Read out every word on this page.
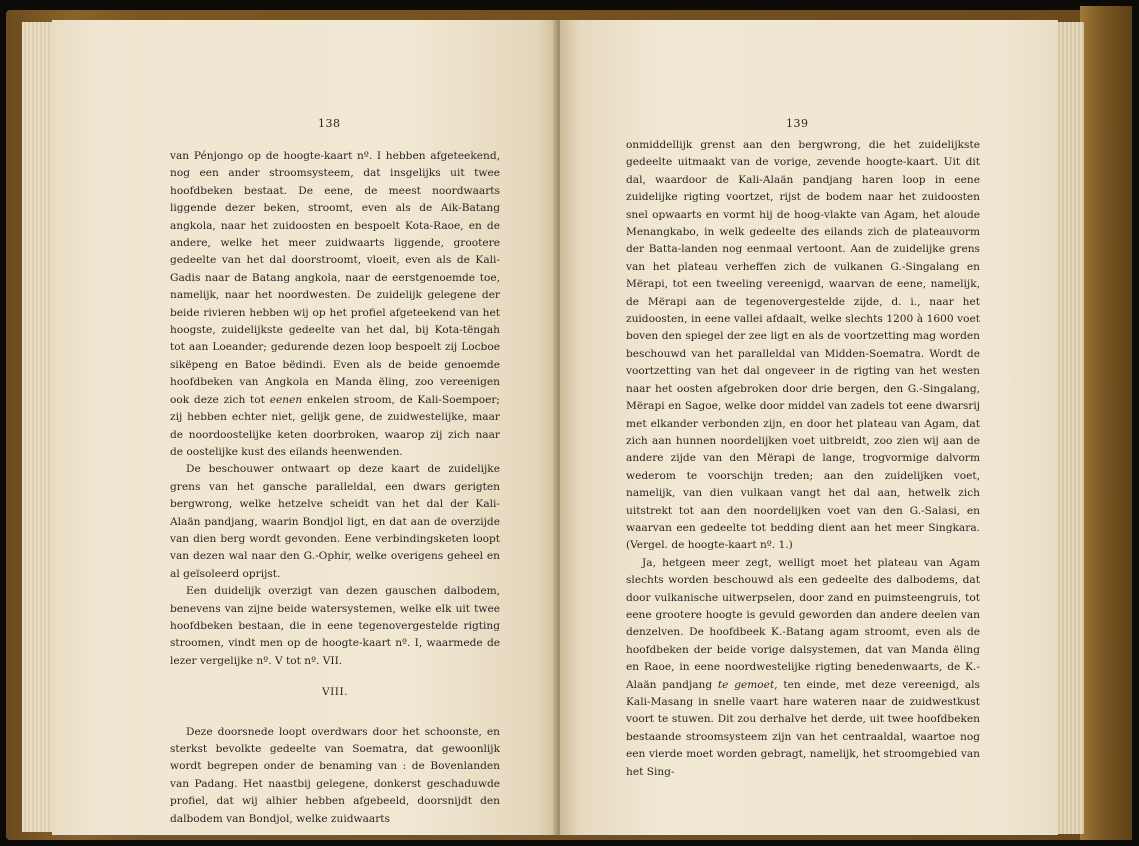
138

van Pénjongo op de hoogte-kaart nº. I hebben afgeteekend, nog een ander stroomsysteem, dat insgelijks uit twee hoofdbeken bestaat. De eene, de meest noordwaarts liggende dezer beken, stroomt, even als de Aik-Batang angkola, naar het zuidoosten en bespoelt Kota-Raoe, en de andere, welke het meer zuidwaarts liggende, grootere gedeelte van het dal doorstroomt, vloeit, even als de Kali-Gadis naar de Batang angkola, naar de eerstgenoemde toe, namelijk, naar het noordwesten. De zuidelijk gelegene der beide rivieren hebben wij op het profiel afgeteekend van het hoogste, zuidelijkste gedeelte van het dal, bij Kota-tëngah tot aan Loeander; gedurende dezen loop bespoelt zij Locboe sikëpeng en Batoe bëdindi. Even als de beide genoemde hoofdbeken van Angkola en Manda ëling, zoo vereenigen ook deze zich tot eenen enkelen stroom, de Kali-Soempoer; zij hebben echter niet, gelijk gene, de zuidwestelijke, maar de noordoostelijke keten doorbroken, waarop zij zich naar de oostelijke kust des eilands heenwenden.

De beschouwer ontwaart op deze kaart de zuidelijke grens van het gansche paralleldal, een dwars gerigten bergwrong, welke hetzelve scheidt van het dal der Kali-Alaän pandjang, waarin Bondjol ligt, en dat aan de overzijde van dien berg wordt gevonden. Eene verbindingsketen loopt van dezen wal naar den G.-Ophir, welke overigens geheel en al geïsoleerd oprijst.

Een duidelijk overzigt van dezen gauschen dalbodem, benevens van zijne beide watersystemen, welke elk uit twee hoofdbeken bestaan, die in eene tegenovergestelde rigting stroomen, vindt men op de hoogte-kaart nº. I, waarmede de lezer vergelijke nº. V tot nº. VII.

VIII.

Deze doorsnede loopt overdwars door het schoonste, en sterkst bevolkte gedeelte van Soematra, dat gewoonlijk wordt begrepen onder de benaming van : de Bovenlanden van Padang. Het naastbij gelegene, donkerst geschaduwde profiel, dat wij alhier hebben afgebeeld, doorsnijdt den dalbodem van Bondjol, welke zuidwaarts

139

onmiddellijk grenst aan den bergwrong, die het zuidelijkste gedeelte uitmaakt van de vorige, zevende hoogte-kaart. Uit dit dal, waardoor de Kali-Alaän pandjang haren loop in eene zuidelijke rigting voortzet, rijst de bodem naar het zuidoosten snel opwaarts en vormt hij de hoog-vlakte van Agam, het aloude Menangkabo, in welk gedeelte des eilands zich de plateauvorm der Batta-landen nog eenmaal vertoont. Aan de zuidelijke grens van het plateau verheffen zich de vulkanen G.-Singalang en Mërapi, tot een tweeling vereenigd, waarvan de eene, namelijk, de Mërapi aan de tegenovergestelde zijde, d. i., naar het zuidoosten, in eene vallei afdaalt, welke slechts 1200 à 1600 voet boven den spiegel der zee ligt en als de voortzetting mag worden beschouwd van het paralleldal van Midden-Soematra. Wordt de voortzetting van het dal ongeveer in de rigting van het westen naar het oosten afgebroken door drie bergen, den G.-Singalang, Mërapi en Sagoe, welke door middel van zadels tot eene dwarsrij met elkander verbonden zijn, en door het plateau van Agam, dat zich aan hunnen noordelijken voet uitbreidt, zoo zien wij aan de andere zijde van den Mërapi de lange, trogvormige dalvorm wederom te voorschijn treden; aan den zuidelijken voet, namelijk, van dien vulkaan vangt het dal aan, hetwelk zich uitstrekt tot aan den noordelijken voet van den G.-Salasi, en waarvan een gedeelte tot bedding dient aan het meer Singkara. (Vergel. de hoogte-kaart nº. 1.)

Ja, hetgeen meer zegt, welligt moet het plateau van Agam slechts worden beschouwd als een gedeelte des dalbodems, dat door vulkanische uitwerpselen, door zand en puimsteengruis, tot eene grootere hoogte is gevuld geworden dan andere deelen van denzelven. De hoofdbeek K.-Batang agam stroomt, even als de hoofdbeken der beide vorige dalsystemen, dat van Manda ëling en Raoe, in eene noordwestelijke rigting benedenwaarts, de K.-Alaän pandjang te gemoet, ten einde, met deze vereenigd, als Kali-Masang in snelle vaart hare wateren naar de zuidwestkust voort te stuwen. Dit zou derhalve het derde, uit twee hoofdbeken bestaande stroomsysteem zijn van het centraaldal, waartoe nog een vierde moet worden gebragt, namelijk, het stroomgebied van het Sing-
